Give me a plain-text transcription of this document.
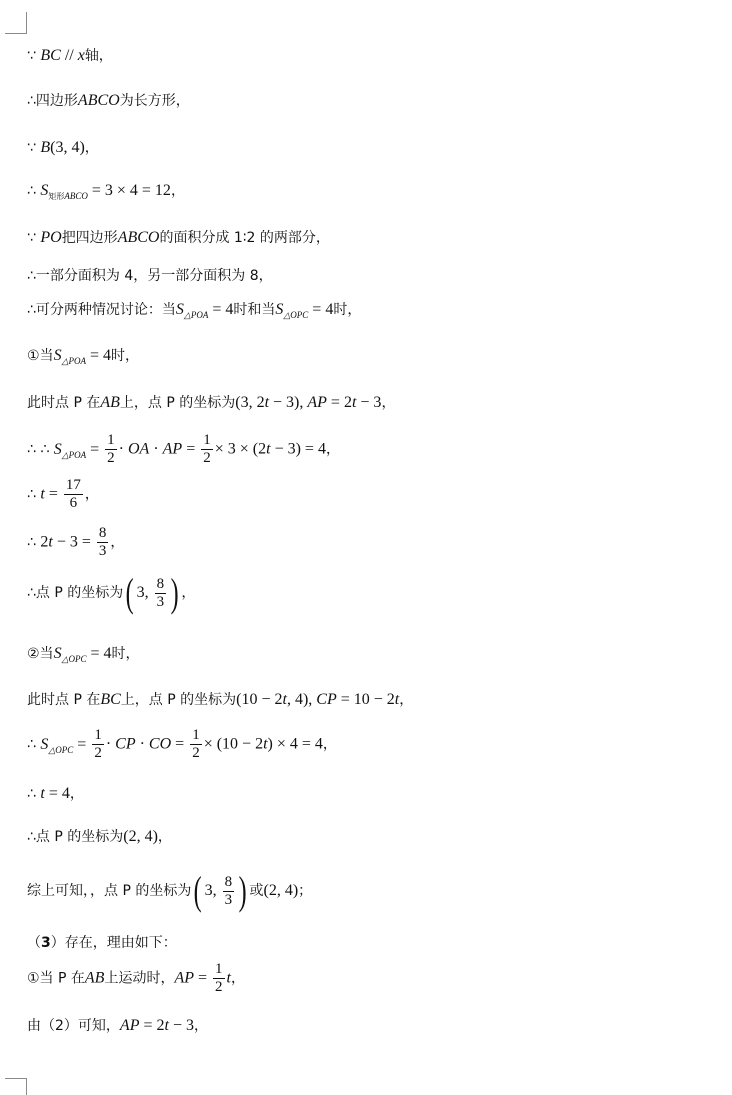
∵ BC // x轴，
∴四边形ABCO为长方形，
∵ B(3, 4)，
∴ $S_{矩形ABCO} = 3 \times 4 = 12$，
∵ PO把四边形ABCO的面积分成 1∶2 的两部分，
∴一部分面积为 4，另一部分面积为 8，
∴可分两种情况讨论：当$S_{\triangle POA} = 4$时和当$S_{\triangle OPC} = 4$时，
①当$S_{\triangle POA} = 4$时，
此时点 P 在AB上，点 P 的坐标为(3, 2t − 3), AP = 2t − 3，
∴ ∴ $S_{\triangle POA} = \frac{1}{2}$ · OA · AP = $\frac{1}{2} \times 3 \times (2t - 3) = 4$，
∴ $t = \frac{17}{6}$ ，
∴ $2t - 3 = \frac{8}{3}$ ，
∴点 P 的坐标为( 3, $\frac{8}{3}$ ) ，
②当$S_{\triangle OPC} = 4$时，
此时点 P 在BC上，点 P 的坐标为(10 − 2t, 4), CP = 10 − 2t，
∴ $S_{\triangle OPC} = \frac{1}{2}$ · CP · CO = $\frac{1}{2} \times (10 - 2t) \times 4 = 4$，
∴ t = 4，
∴点 P 的坐标为(2, 4)，
综上可知，，点 P 的坐标为( 3, $\frac{8}{3}$ ) 或(2, 4)；
（3）存在，理由如下：
①当 P 在AB上运动时，AP = $\frac{1}{2}$ t，
由（2）可知，AP = 2t − 3，
